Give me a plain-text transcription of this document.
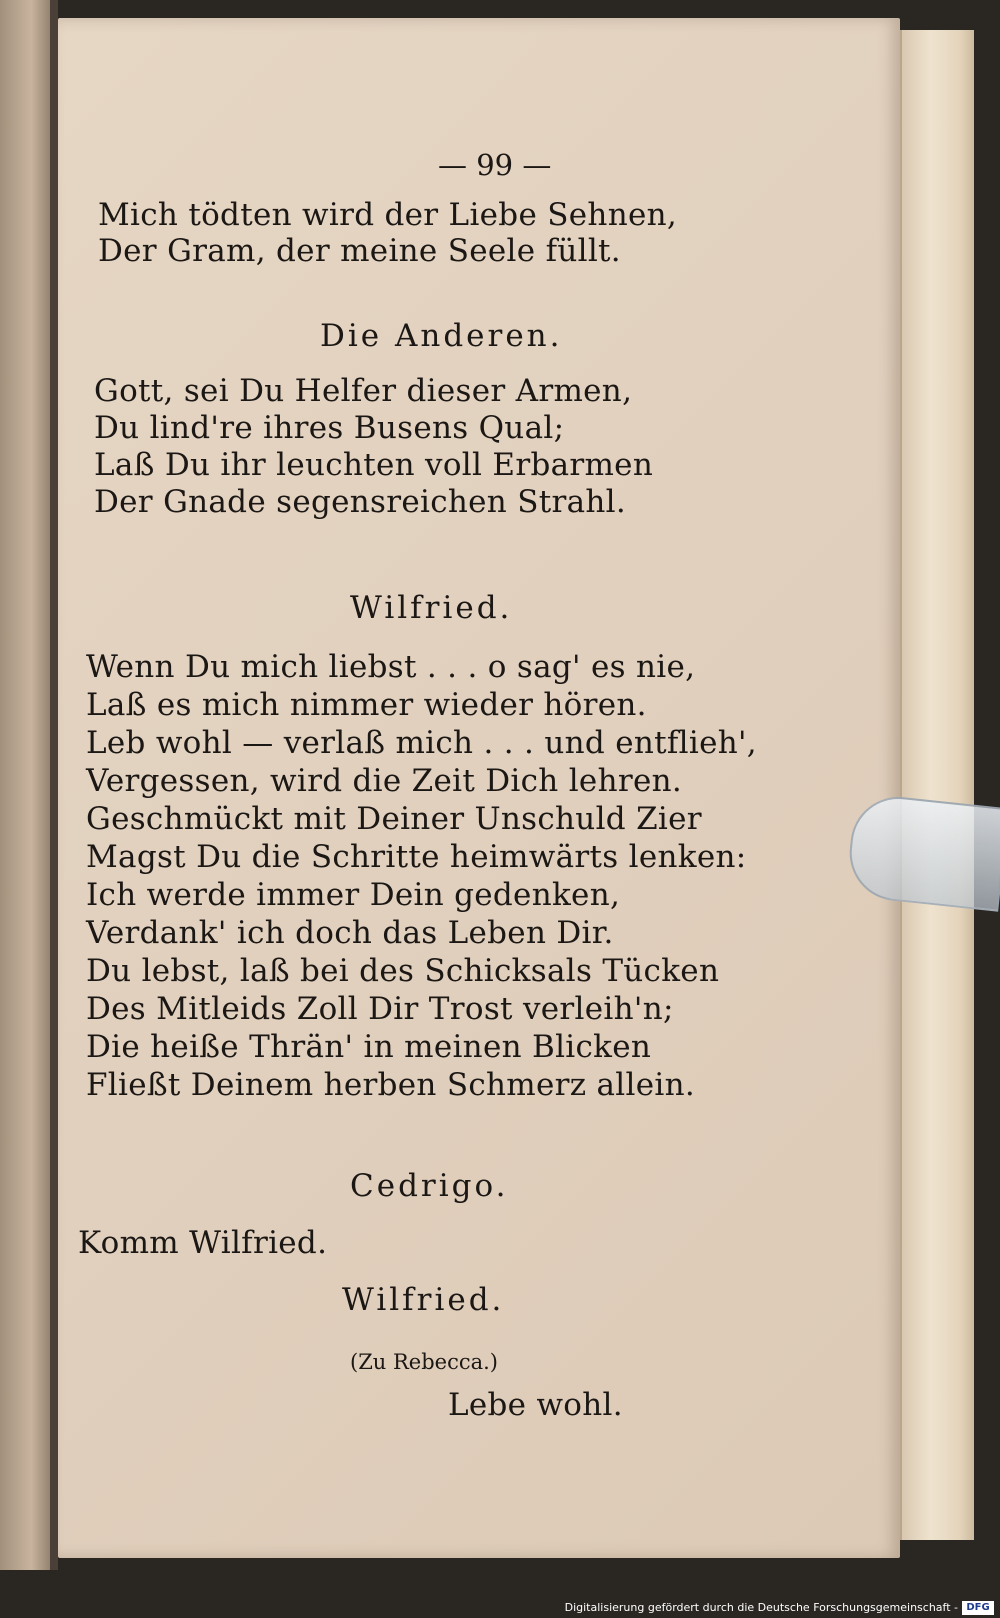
— 99 —
Mich tödten wird der Liebe Sehnen,
Der Gram, der meine Seele füllt.
Die Anderen.
Gott, sei Du Helfer dieser Armen,
Du lind're ihres Busens Qual;
Laß Du ihr leuchten voll Erbarmen
Der Gnade segensreichen Strahl.
Wilfried.
Wenn Du mich liebst . . . o sag' es nie,
Laß es mich nimmer wieder hören.
Leb wohl — verlaß mich . . . und entflieh',
Vergessen, wird die Zeit Dich lehren.
Geschmückt mit Deiner Unschuld Zier
Magst Du die Schritte heimwärts lenken:
Ich werde immer Dein gedenken,
Verdank' ich doch das Leben Dir.
Du lebst, laß bei des Schicksals Tücken
Des Mitleids Zoll Dir Trost verleih'n;
Die heiße Thrän' in meinen Blicken
Fließt Deinem herben Schmerz allein.
Cedrigo.
Komm Wilfried.
Wilfried.
(Zu Rebecca.)
Lebe wohl.
Digitalisierung gefördert durch die Deutsche Forschungsgemeinschaft - DFG
